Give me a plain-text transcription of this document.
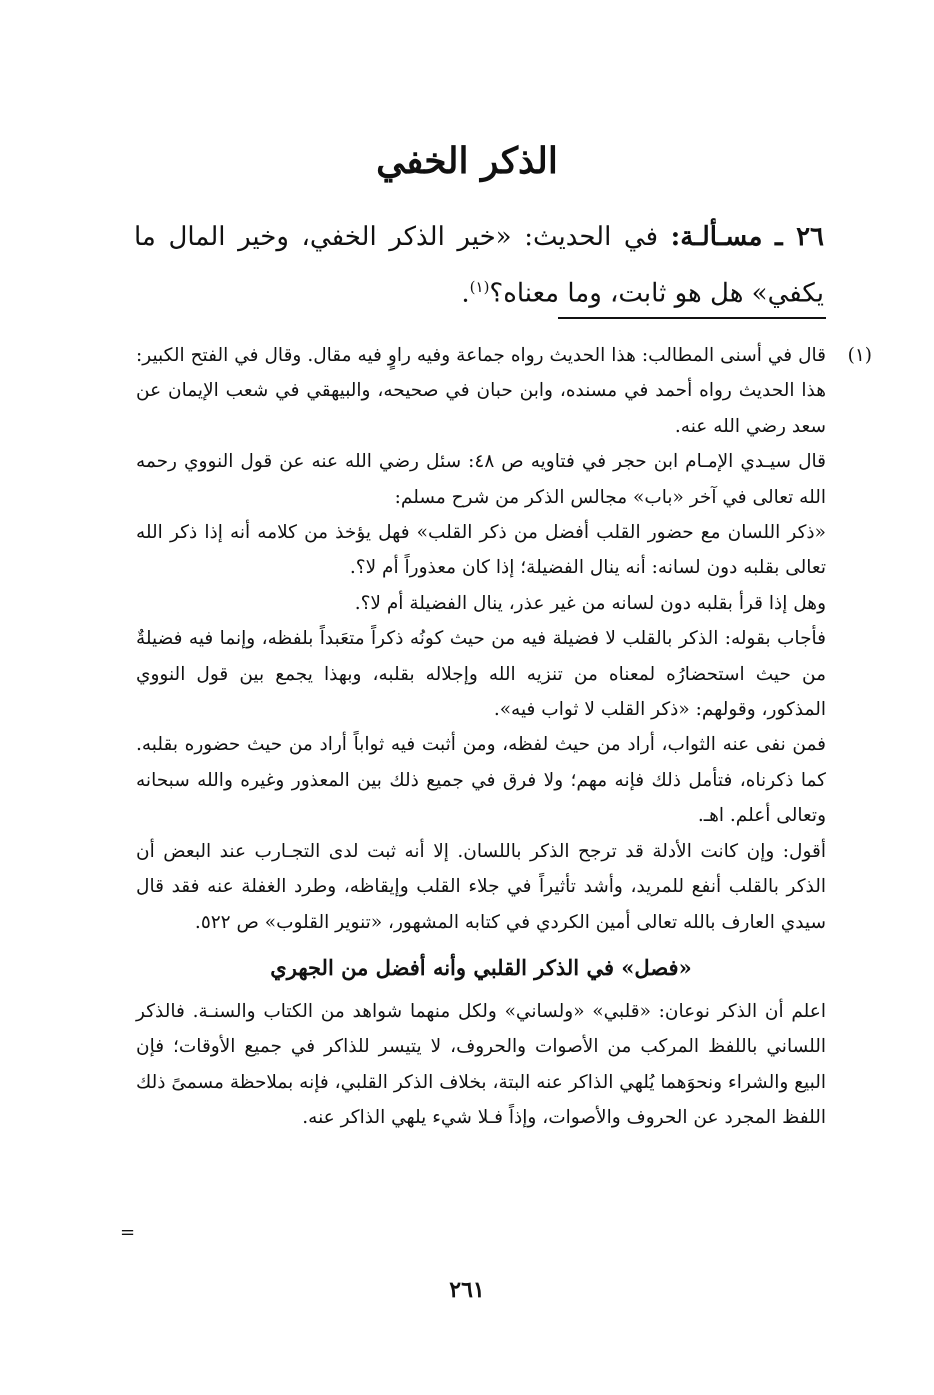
الذكر الخفي

٢٦ ـ مسـألـة: في الحديث: «خير الذكر الخفي، وخير المال ما يكفي» هل هو ثابت، وما معناه؟$^{(١)}$.

(١)

قال في أسنى المطالب: هذا الحديث رواه جماعة وفيه راوٍ فيه مقال. وقال في الفتح الكبير: هذا الحديث رواه أحمد في مسنده، وابن حبان في صحيحه، والبيهقي في شعب الإيمان عن سعد رضي الله عنه.

قال سيـدي الإمـام ابن حجر في فتاويه ص ٤٨: سئل رضي الله عنه عن قول النووي رحمه الله تعالى في آخر «باب» مجالس الذكر من شرح مسلم:

«ذكر اللسان مع حضور القلب أفضل من ذكر القلب» فهل يؤخذ من كلامه أنه إذا ذكر الله تعالى بقلبه دون لسانه: أنه ينال الفضيلة؛ إذا كان معذوراً أم لا؟.

وهل إذا قرأ بقلبه دون لسانه من غير عذر، ينال الفضيلة أم لا؟.

فأجاب بقوله: الذكر بالقلب لا فضيلة فيه من حيث كونُه ذكراً متعَبداً بلفظه، وإنما فيه فضيلةٌ من حيث استحضارُه لمعناه من تنزيه الله وإجلاله بقلبه، وبهذا يجمع بين قول النووي المذكور، وقولهم: «ذكر القلب لا ثواب فيه».

فمن نفى عنه الثواب، أراد من حيث لفظه، ومن أثبت فيه ثواباً أراد من حيث حضوره بقلبه. كما ذكرناه، فتأمل ذلك فإنه مهم؛ ولا فرق في جميع ذلك بين المعذور وغيره والله سبحانه وتعالى أعلم. اهـ.

أقول: وإن كانت الأدلة قد ترجح الذكر باللسان. إلا أنه ثبت لدى التجـارب عند البعض أن الذكر بالقلب أنفع للمريد، وأشد تأثيراً في جلاء القلب وإيقاظه، وطرد الغفلة عنه فقد قال سيدي العارف بالله تعالى أمين الكردي في كتابه المشهور، «تنوير القلوب» ص ٥٢٢.

«فصل» في الذكر القلبي وأنه أفضل من الجهري

اعلم أن الذكر نوعان: «قلبي» «ولساني» ولكل منهما شواهد من الكتاب والسنـة. فالذكر اللساني باللفظ المركب من الأصوات والحروف، لا يتيسر للذاكر في جميع الأوقات؛ فإن البيع والشراء ونحوَهما يُلهي الذاكر عنه البتة، بخلاف الذكر القلبي، فإنه بملاحظة مسمىً ذلك اللفظ المجرد عن الحروف والأصوات، وإذاً فـلا شيء يلهي الذاكر عنه.

=
٢٦١
